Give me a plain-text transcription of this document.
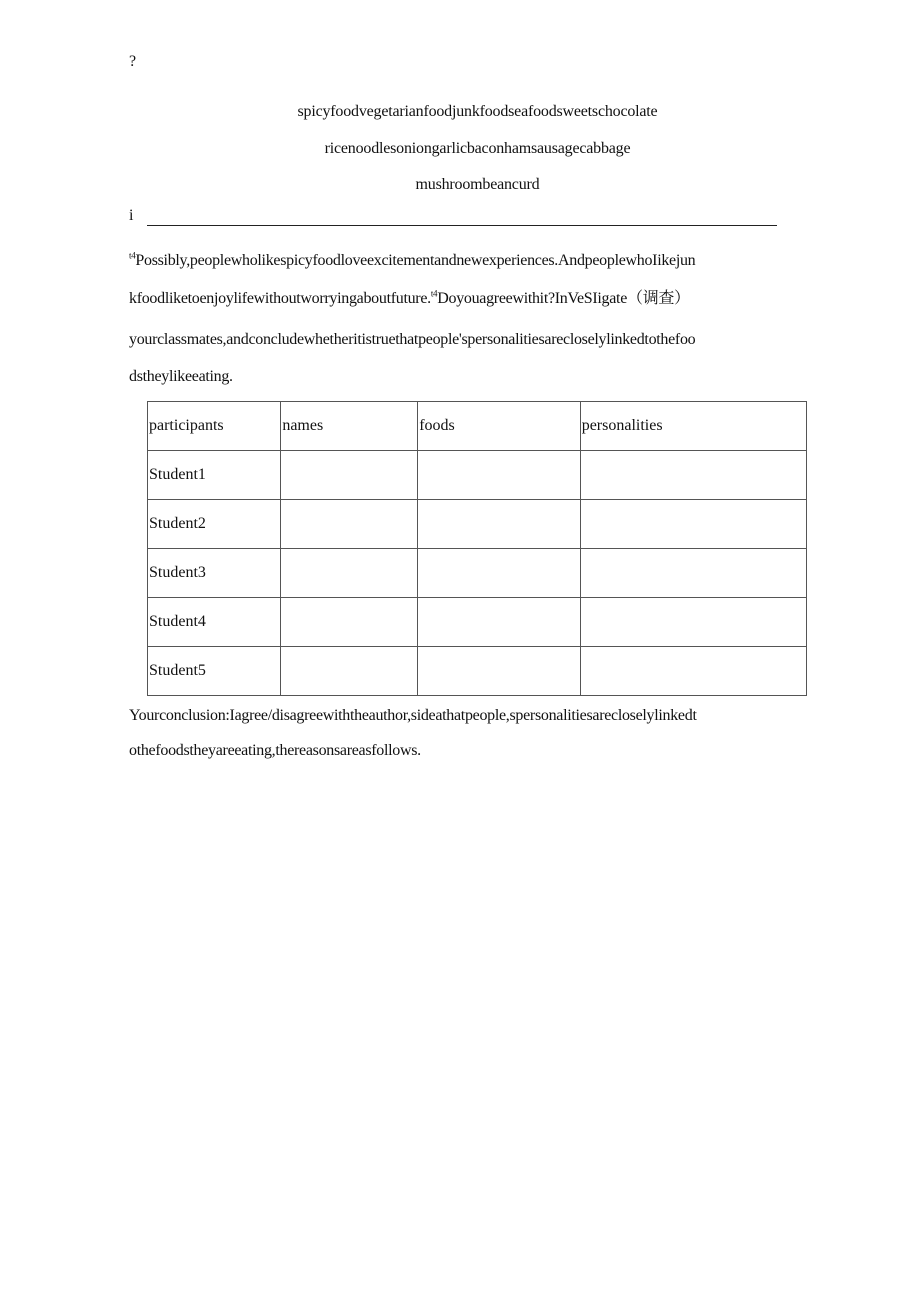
?
spicyfoodvegetarianfoodjunkfoodseafoodsweetschocolate
ricenoodlesoniongarlicbaconhamsausagecabbage
mushroombeancurd
i
$^{t4}$Possibly,peoplewholikespicyfoodloveexcitementandnewexperiences.AndpeoplewhoIikejun
kfoodliketoenjoylifewithoutworryingaboutfuture.$^{t4}$Doyouagreewithit?InVeSIigate（调查）
yourclassmates,andconcludewhetheritistruethatpeople'spersonalitiesarecloselylinkedtothefoo
dstheylikeeating.
participants	names	foods	personalities
Student1			
Student2			
Student3			
Student4			
Student5			
Yourconclusion:Iagree/disagreewiththeauthor,sideathatpeople,spersonalitiesarecloselylinkedt
othefoodstheyareeating,thereasonsareasfollows.
